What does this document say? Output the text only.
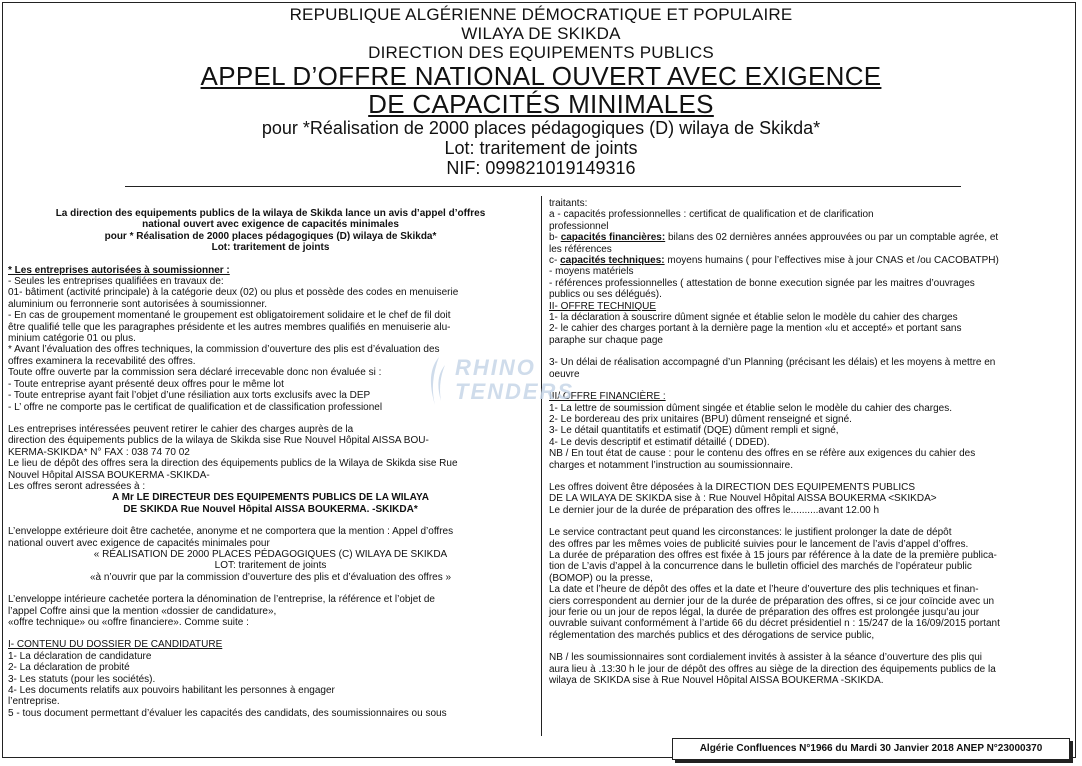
REPUBLIQUE ALGÉRIENNE DÉMOCRATIQUE ET POPULAIRE
WILAYA DE SKIKDA
DIRECTION DES EQUIPEMENTS PUBLICS
APPEL D’OFFRE NATIONAL OUVERT AVEC EXIGENCE
DE CAPACITÉS MINIMALES
pour *Réalisation de 2000 places pédagogiques (D) wilaya de Skikda*
Lot: traritement de joints
NIF: 099821019149316

La direction des equipements publics de la wilaya de Skikda lance un avis d’appel d’offres

national ouvert avec exigence de capacités minimales

pour * Réalisation de 2000 places pédagogiques (D) wilaya de Skikda*

Lot: traritement de joints

* Les entreprises autorisées à soumissionner :

- Seules les entreprises qualifiées en travaux de:

01- bâtiment (activité principale) à la catégorie deux (02) ou plus et possède des codes en menuiserie

aluminium ou ferronnerie sont autorisées à soumissionner.

- En cas de groupement momentané le groupement est obligatoirement solidaire et le chef de fil doit

être qualifié telle que les paragraphes présidente et les autres membres qualifiés en menuiserie alu-

minium catégorie 01 ou plus.

* Avant l’évaluation des offres techniques, la commission d’ouverture des plis est d’évaluation des

offres examinera la recevabilité des offres.

Toute offre ouverte par la commission sera déclaré irrecevable donc non évaluée si :

- Toute entreprise ayant présenté deux offres pour le même lot

- Toute entreprise ayant fait l’objet d’une résiliation aux torts exclusifs avec la DEP

- L’ offre ne comporte pas le certificat de qualification et de classification professionel

Les entreprises intéressées peuvent retirer le cahier des charges auprès de la

direction des équipements publics de la wilaya de Skikda sise Rue Nouvel Hôpital AISSA BOU-

KERMA-SKIKDA* N° FAX : 038 74 70 02

Le lieu de dépôt des offres sera la direction des équipements publics de la Wilaya de Skikda sise Rue

Nouvel Hôpital AISSA BOUKERMA -SKIKDA-

Les offres seront adressées à :

A Mr LE DIRECTEUR DES EQUIPEMENTS PUBLICS DE LA WILAYA

DE SKIKDA Rue Nouvel Hôpital AISSA BOUKERMA. -SKIKDA*

L’enveloppe extérieure doit être cachetée, anonyme et ne comportera que la mention : Appel d’offres

national ouvert avec exigence de capacités minimales pour

« RÉALISATION DE 2000 PLACES PÉDAGOGIQUES (C) WILAYA DE SKIKDA

LOT: traritement de joints

«à n’ouvrir que par la commission d’ouverture des plis et d’évaluation des offres »

L’enveloppe intérieure cachetée portera la dénomination de l’entreprise, la référence et l’objet de

l’appel Coffre ainsi que la mention «dossier de candidature»,

«offre technique» ou «offre financiere». Comme suite :

I- CONTENU DU DOSSIER DE CANDIDATURE

1- La déclaration de candidature

2- La déclaration de probité

3- Les statuts (pour les sociétés).

4- Les documents relatifs aux pouvoirs habilitant les personnes à engager

l’entreprise.

5 - tous document permettant d’évaluer les capacités des candidats, des soumissionnaires ou sous

traitants:

a - capacités professionnelles : certificat de qualification et de clarification

professionnel

b- capacités financières: bilans des 02 dernières années approuvées ou par un comptable agrée, et

les références

c- capacités techniques: moyens humains ( pour l’effectives mise à jour CNAS et /ou CACOBATPH)

- moyens matériels

- références professionnelles ( attestation de bonne execution signée par les maitres d’ouvrages

publics ou ses délégués).

II- OFFRE TECHNIQUE

1- la déclaration à souscrire dûment signée et établie selon le modèle du cahier des charges

2- le cahier des charges portant à la dernière page la mention «lu et accepté» et portant sans

paraphe sur chaque page

3- Un délai de réalisation accompagné d’un Planning (précisant les délais) et les moyens à mettre en

oeuvre

III/ OFFRE FINANCIÈRE :

1- La lettre de soumission dûment singée et établie selon le modèle du cahier des charges.

2- Le bordereau des prix unitaires (BPU) dûment renseigné et signé.

3- Le détail quantitatifs et estimatif (DQE) dûment rempli et signé,

4- Le devis descriptif et estimatif détaillé ( DDED).

NB / En tout état de cause : pour le contenu des offres en se réfère aux exigences du cahier des

charges et notamment l’instruction au soumissionnaire.

Les offres doivent être déposées à la DIRECTION DES EQUIPEMENTS PUBLICS

DE LA WILAYA DE SKIKDA sise à : Rue Nouvel Hôpital AISSA BOUKERMA <SKIKDA>

Le dernier jour de la durée de préparation des offres le..........avant 12.00 h

Le service contractant peut quand les circonstances: le justifient prolonger la date de dépôt

des offres par les mêmes voies de publicité suivies pour le lancement de l’avis d’appel d’offres.

La durée de préparation des offres est fixée à 15 jours par référence à la date de la première publica-

tion de L’avis d’appel à la concurrence dans le bulletin officiel des marchés de l’opérateur public

(BOMOP) ou la presse,

La date et l’heure de dépôt des offes et la date et l’heure d’ouverture des plis techniques et finan-

ciers correspondent au dernier jour de la durée de préparation des offres, si ce jour coïncide avec un

jour ferie ou un jour de repos légal, la durée de préparation des offres est prolongée jusqu’au jour

ouvrable suivant conformément à l’artide 66 du décret présidentiel n : 15/247 de la 16/09/2015 portant

réglementation des marchés publics et des dérogations de service public,

NB / les soumissionnaires sont cordialement invités à assister à la séance d’ouverture des plis qui

aura lieu à .13:30 h le jour de dépôt des offres au siège de la direction des équipements publics de la

wilaya de SKIKDA sise à Rue Nouvel Hôpital AISSA BOUKERMA -SKIKDA.

RHINO
TENDERS
Algérie Confluences N°1966 du Mardi 30 Janvier 2018 ANEP N°23000370
